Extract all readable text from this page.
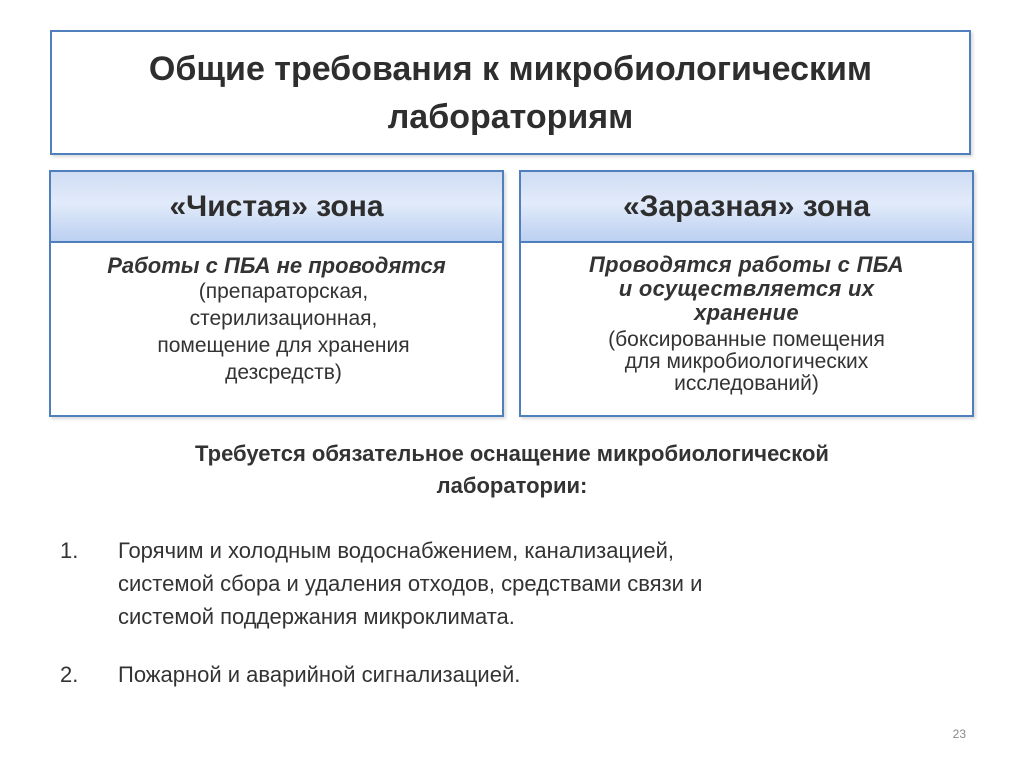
Общие требования к микробиологическим
лабораториям
«Чистая» зона
Работы с ПБА не проводятся
(препараторская,
стерилизационная,
помещение для хранения
дезсредств)
«Заразная» зона
Проводятся работы с ПБА
и осуществляется их
хранение
(боксированные помещения
для микробиологических
исследований)
Требуется обязательное оснащение микробиологической
лаборатории:
1. Горячим и холодным водоснабжением, канализацией,
системой сбора и удаления отходов, средствами связи и
системой поддержания микроклимата.
2. Пожарной и аварийной сигнализацией.
23
